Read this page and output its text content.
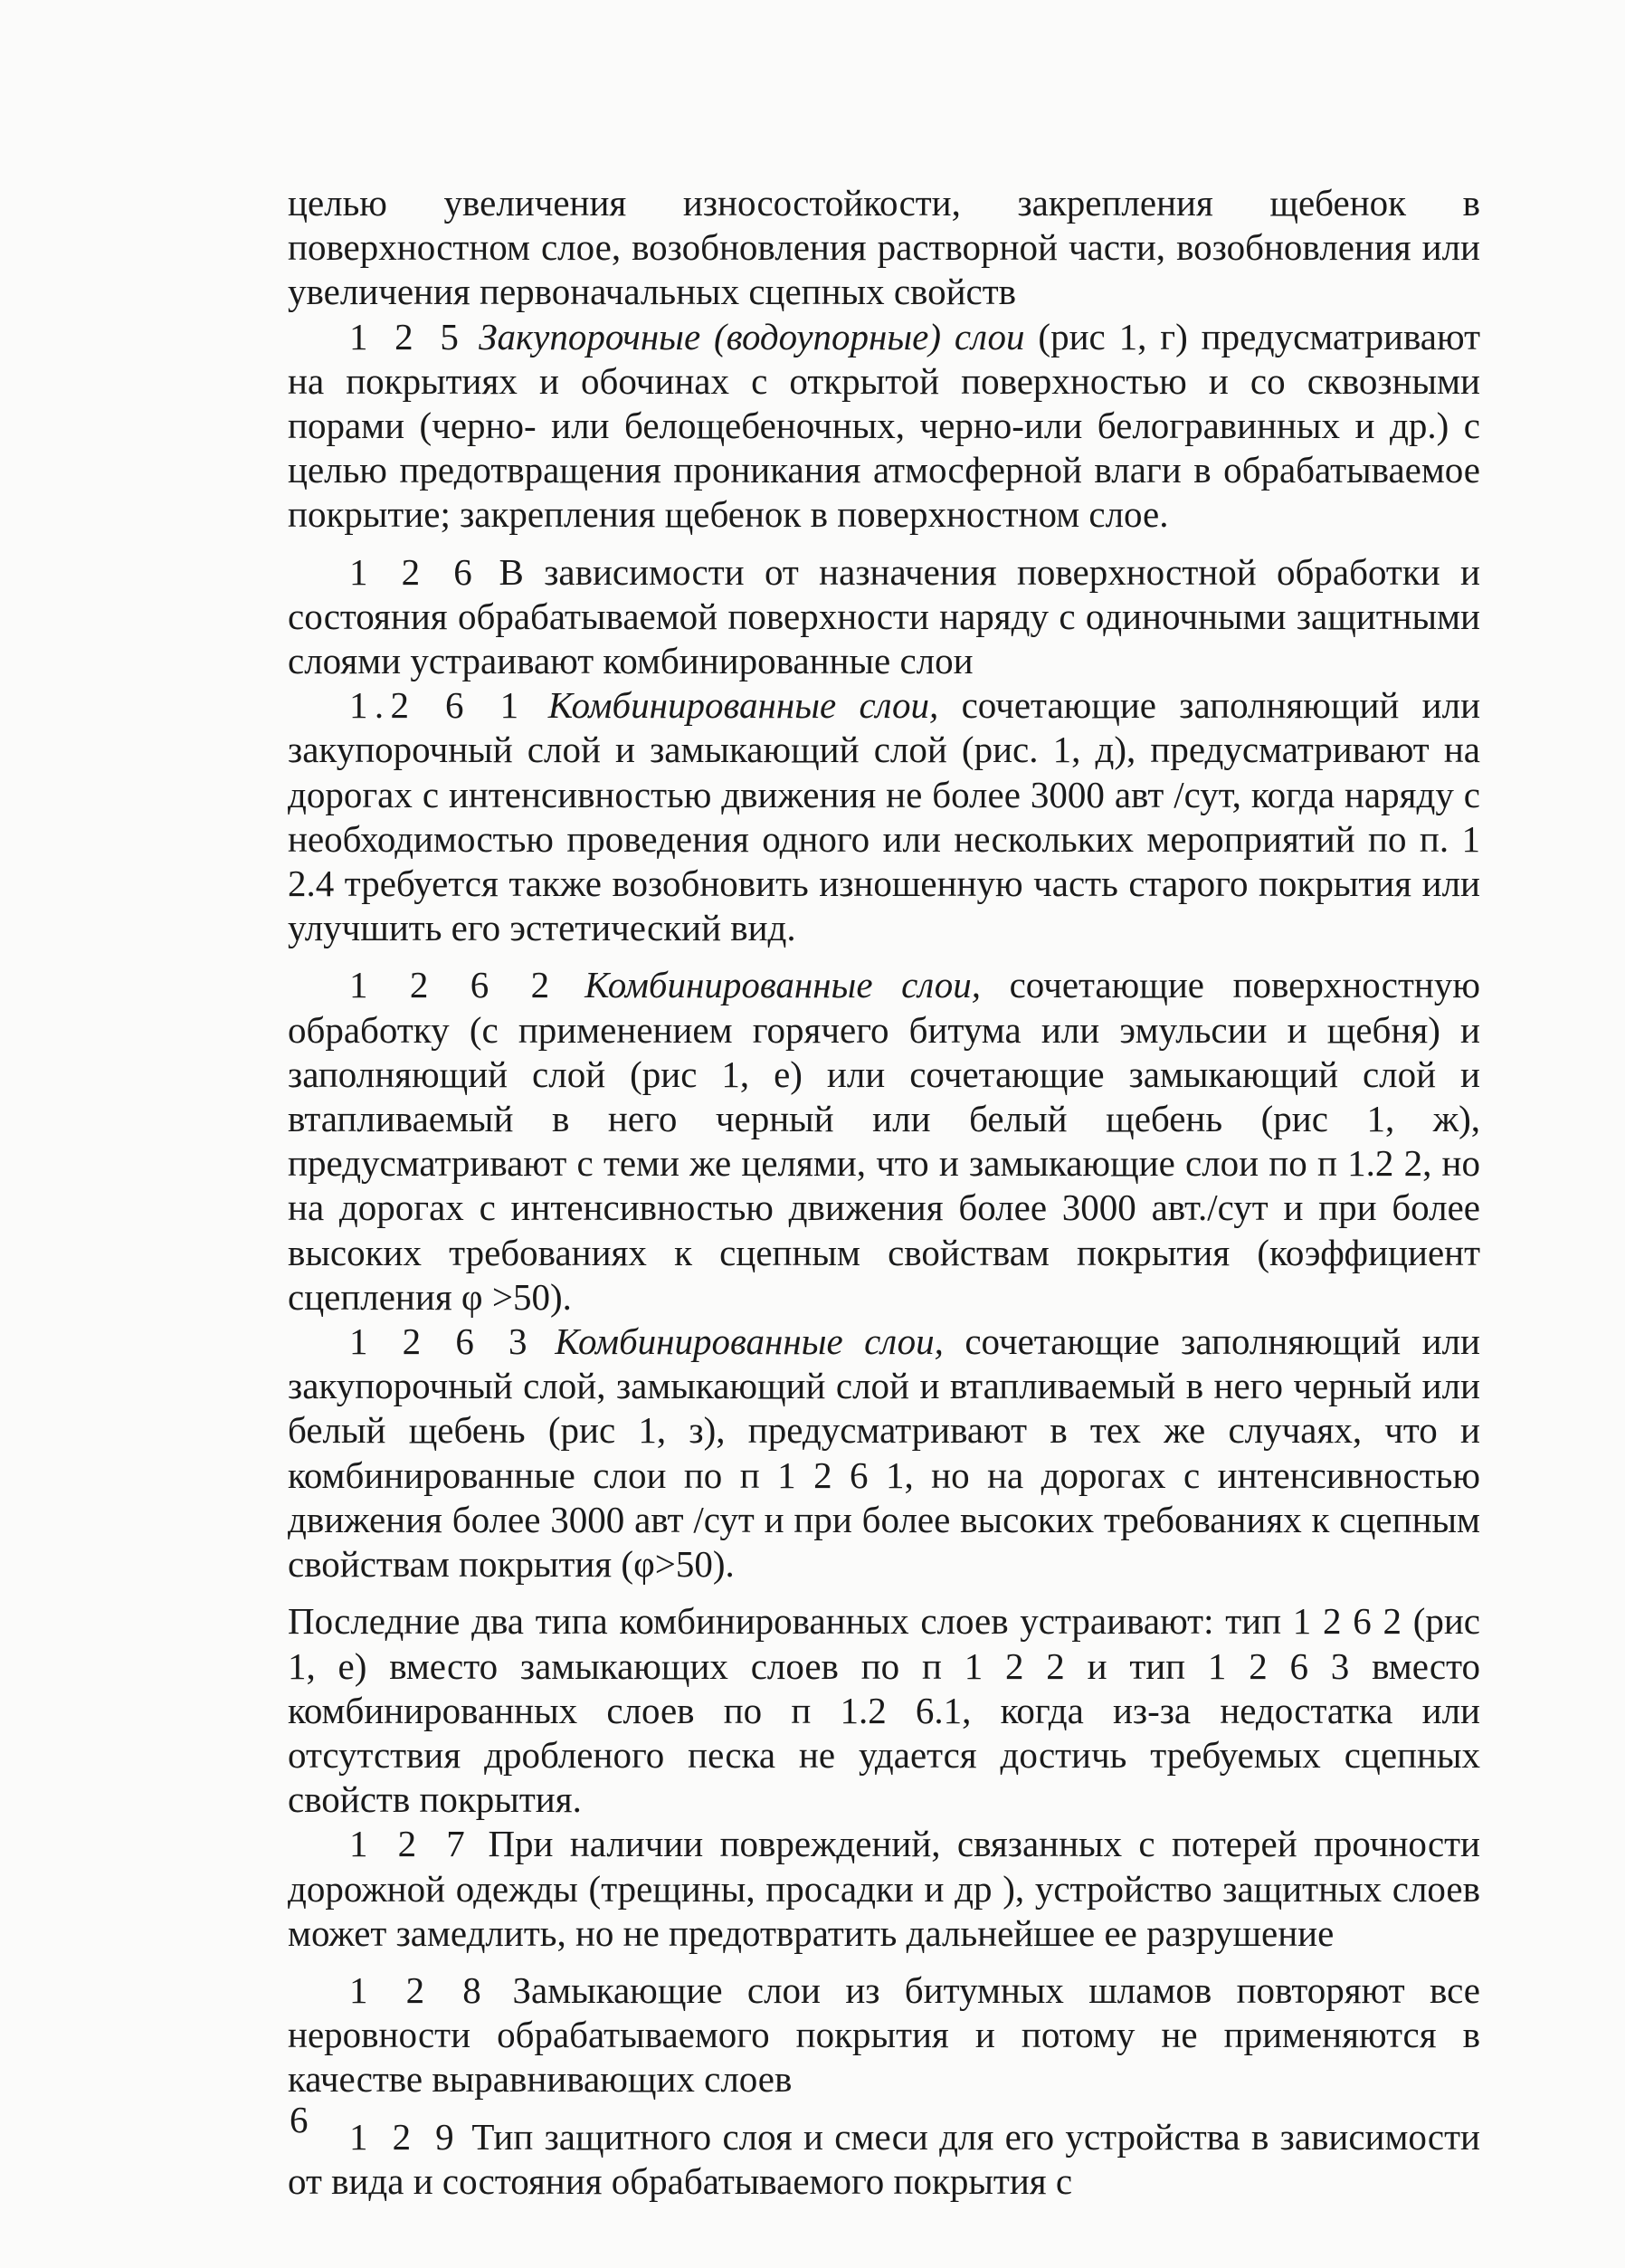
целью увеличения износостойкости, закрепления щебенок в поверхностном слое, возобновления растворной части, возобновления или увеличения первоначальных сцепных свойств

1 2 5 Закупорочные (водоупорные) слои (рис 1, г) предусматривают на покрытиях и обочинах с открытой поверхностью и со сквозными порами (черно- или белощебеночных, черно-или белогравинных и др.) с целью предотвращения проникания атмосферной влаги в обрабатываемое покрытие; закрепления щебенок в поверхностном слое.

1 2 6 В зависимости от назначения поверхностной обработки и состояния обрабатываемой поверхности наряду с одиночными защитными слоями устраивают комбинированные слои

1.2 6 1 Комбинированные слои, сочетающие заполняющий или закупорочный слой и замыкающий слой (рис. 1, д), предусматривают на дорогах с интенсивностью движения не более 3000 авт /сут, когда наряду с необходимостью проведения одного или нескольких мероприятий по п. 1 2.4 требуется также возобновить изношенную часть старого покрытия или улучшить его эстетический вид.

1 2 6 2 Комбинированные слои, сочетающие поверхностную обработку (с применением горячего битума или эмульсии и щебня) и заполняющий слой (рис 1, е) или сочетающие замыкающий слой и втапливаемый в него черный или белый щебень (рис 1, ж), предусматривают с теми же целями, что и замыкающие слои по п 1.2 2, но на дорогах с интенсивностью движения более 3000 авт./сут и при более высоких требованиях к сцепным свойствам покрытия (коэффициент сцепления φ >50).

1 2 6 3 Комбинированные слои, сочетающие заполняющий или закупорочный слой, замыкающий слой и втапливаемый в него черный или белый щебень (рис 1, з), предусматривают в тех же случаях, что и комбинированные слои по п 1 2 6 1, но на дорогах с интенсивностью движения более 3000 авт /сут и при более высоких требованиях к сцепным свойствам покрытия (φ>50).

Последние два типа комбинированных слоев устраивают: тип 1 2 6 2 (рис 1, е) вместо замыкающих слоев по п 1 2 2 и тип 1 2 6 3 вместо комбинированных слоев по п 1.2 6.1, когда из-за недостатка или отсутствия дробленого песка не удается достичь требуемых сцепных свойств покрытия.

1 2 7 При наличии повреждений, связанных с потерей прочности дорожной одежды (трещины, просадки и др ), устройство защитных слоев может замедлить, но не предотвратить дальнейшее ее разрушение

1 2 8 Замыкающие слои из битумных шламов повторяют все неровности обрабатываемого покрытия и потому не применяются в качестве выравнивающих слоев

1 2 9 Тип защитного слоя и смеси для его устройства в зависимости от вида и состояния обрабатываемого покрытия с

6
